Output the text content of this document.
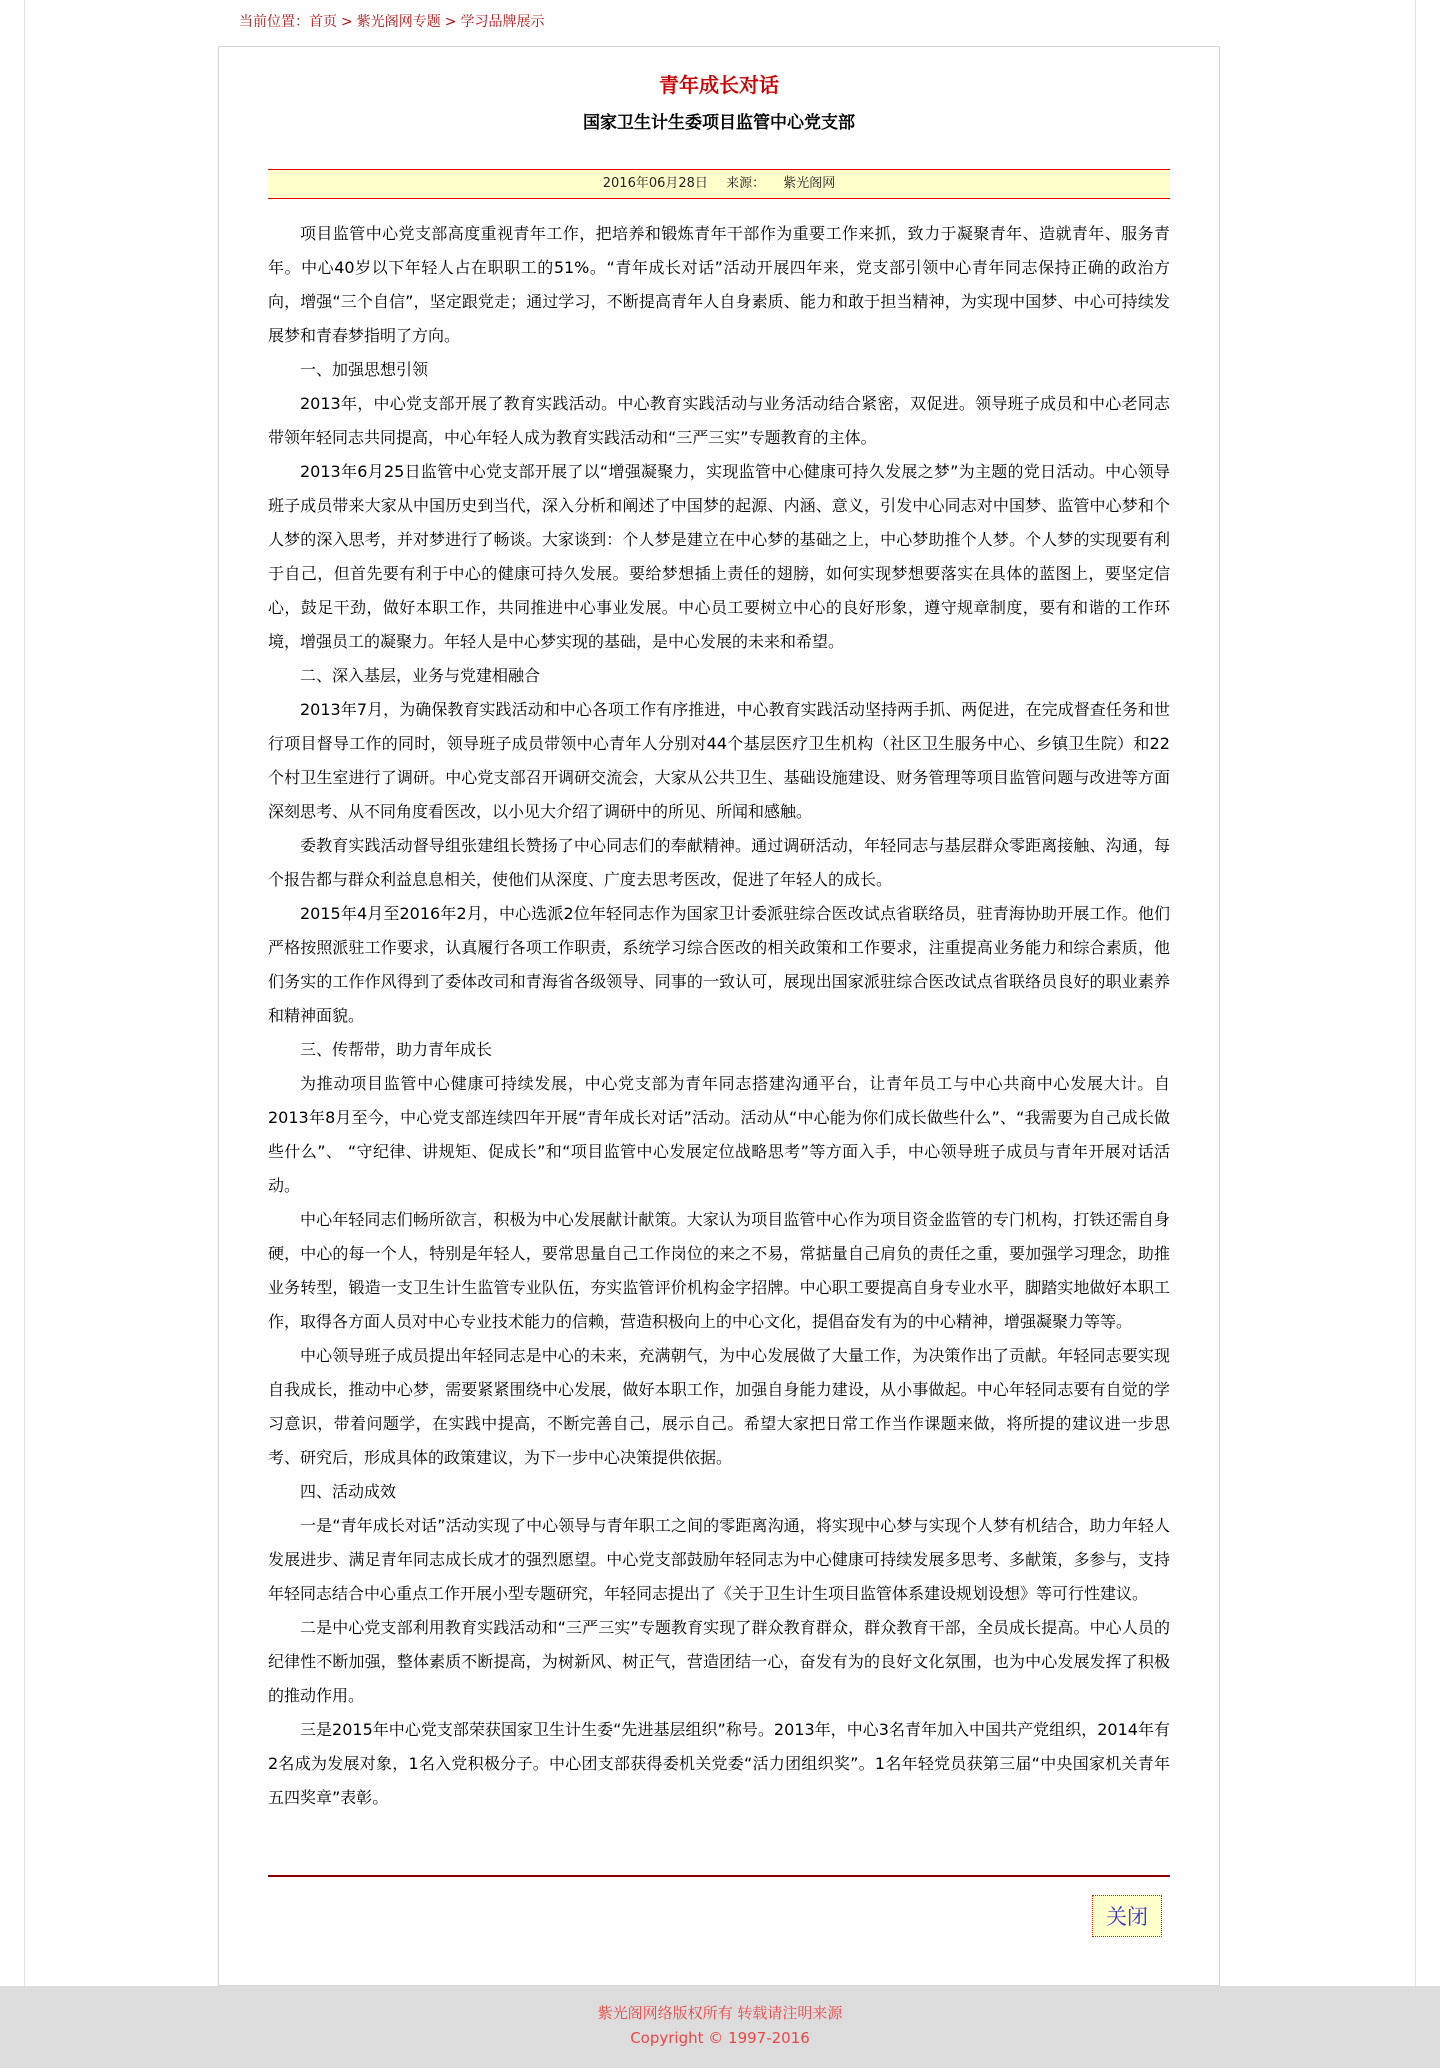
当前位置：首页 > 紫光阁网专题 > 学习品牌展示
青年成长对话
国家卫生计生委项目监管中心党支部
2016年06月28日 来源： 紫光阁网

项目监管中心党支部高度重视青年工作，把培养和锻炼青年干部作为重要工作来抓，致力于凝聚青年、造就青年、服务青年。中心40岁以下年轻人占在职职工的51%。“青年成长对话”活动开展四年来，党支部引领中心青年同志保持正确的政治方向，增强“三个自信”，坚定跟党走；通过学习，不断提高青年人自身素质、能力和敢于担当精神，为实现中国梦、中心可持续发展梦和青春梦指明了方向。

一、加强思想引领

2013年，中心党支部开展了教育实践活动。中心教育实践活动与业务活动结合紧密，双促进。领导班子成员和中心老同志带领年轻同志共同提高，中心年轻人成为教育实践活动和“三严三实”专题教育的主体。

2013年6月25日监管中心党支部开展了以“增强凝聚力，实现监管中心健康可持久发展之梦”为主题的党日活动。中心领导班子成员带来大家从中国历史到当代，深入分析和阐述了中国梦的起源、内涵、意义，引发中心同志对中国梦、监管中心梦和个人梦的深入思考，并对梦进行了畅谈。大家谈到：个人梦是建立在中心梦的基础之上，中心梦助推个人梦。个人梦的实现要有利于自己，但首先要有利于中心的健康可持久发展。要给梦想插上责任的翅膀，如何实现梦想要落实在具体的蓝图上，要坚定信心，鼓足干劲，做好本职工作，共同推进中心事业发展。中心员工要树立中心的良好形象，遵守规章制度，要有和谐的工作环境，增强员工的凝聚力。年轻人是中心梦实现的基础，是中心发展的未来和希望。

二、深入基层，业务与党建相融合

2013年7月，为确保教育实践活动和中心各项工作有序推进，中心教育实践活动坚持两手抓、两促进，在完成督查任务和世行项目督导工作的同时，领导班子成员带领中心青年人分别对44个基层医疗卫生机构（社区卫生服务中心、乡镇卫生院）和22个村卫生室进行了调研。中心党支部召开调研交流会，大家从公共卫生、基础设施建设、财务管理等项目监管问题与改进等方面深刻思考、从不同角度看医改，以小见大介绍了调研中的所见、所闻和感触。

委教育实践活动督导组张建组长赞扬了中心同志们的奉献精神。通过调研活动，年轻同志与基层群众零距离接触、沟通，每个报告都与群众利益息息相关，使他们从深度、广度去思考医改，促进了年轻人的成长。

2015年4月至2016年2月，中心选派2位年轻同志作为国家卫计委派驻综合医改试点省联络员，驻青海协助开展工作。他们严格按照派驻工作要求，认真履行各项工作职责，系统学习综合医改的相关政策和工作要求，注重提高业务能力和综合素质，他们务实的工作作风得到了委体改司和青海省各级领导、同事的一致认可，展现出国家派驻综合医改试点省联络员良好的职业素养和精神面貌。

三、传帮带，助力青年成长

为推动项目监管中心健康可持续发展，中心党支部为青年同志搭建沟通平台，让青年员工与中心共商中心发展大计。自2013年8月至今，中心党支部连续四年开展“青年成长对话”活动。活动从“中心能为你们成长做些什么”、“我需要为自己成长做些什么”、 “守纪律、讲规矩、促成长”和“项目监管中心发展定位战略思考”等方面入手，中心领导班子成员与青年开展对话活动。

中心年轻同志们畅所欲言，积极为中心发展献计献策。大家认为项目监管中心作为项目资金监管的专门机构，打铁还需自身硬，中心的每一个人，特别是年轻人，要常思量自己工作岗位的来之不易，常掂量自己肩负的责任之重，要加强学习理念，助推业务转型，锻造一支卫生计生监管专业队伍，夯实监管评价机构金字招牌。中心职工要提高自身专业水平，脚踏实地做好本职工作，取得各方面人员对中心专业技术能力的信赖，营造积极向上的中心文化，提倡奋发有为的中心精神，增强凝聚力等等。

中心领导班子成员提出年轻同志是中心的未来，充满朝气，为中心发展做了大量工作，为决策作出了贡献。年轻同志要实现自我成长，推动中心梦，需要紧紧围绕中心发展，做好本职工作，加强自身能力建设，从小事做起。中心年轻同志要有自觉的学习意识，带着问题学，在实践中提高，不断完善自己，展示自己。希望大家把日常工作当作课题来做，将所提的建议进一步思考、研究后，形成具体的政策建议，为下一步中心决策提供依据。

四、活动成效

一是“青年成长对话”活动实现了中心领导与青年职工之间的零距离沟通，将实现中心梦与实现个人梦有机结合，助力年轻人发展进步、满足青年同志成长成才的强烈愿望。中心党支部鼓励年轻同志为中心健康可持续发展多思考、多献策，多参与，支持年轻同志结合中心重点工作开展小型专题研究，年轻同志提出了《关于卫生计生项目监管体系建设规划设想》等可行性建议。

二是中心党支部利用教育实践活动和“三严三实”专题教育实现了群众教育群众，群众教育干部，全员成长提高。中心人员的纪律性不断加强，整体素质不断提高，为树新风、树正气，营造团结一心，奋发有为的良好文化氛围，也为中心发展发挥了积极的推动作用。

三是2015年中心党支部荣获国家卫生计生委“先进基层组织”称号。2013年，中心3名青年加入中国共产党组织，2014年有2名成为发展对象，1名入党积极分子。中心团支部获得委机关党委“活力团组织奖”。1名年轻党员获第三届“中央国家机关青年五四奖章”表彰。

关闭

紫光阁网络版权所有 转载请注明来源

Copyright © 1997-2016
